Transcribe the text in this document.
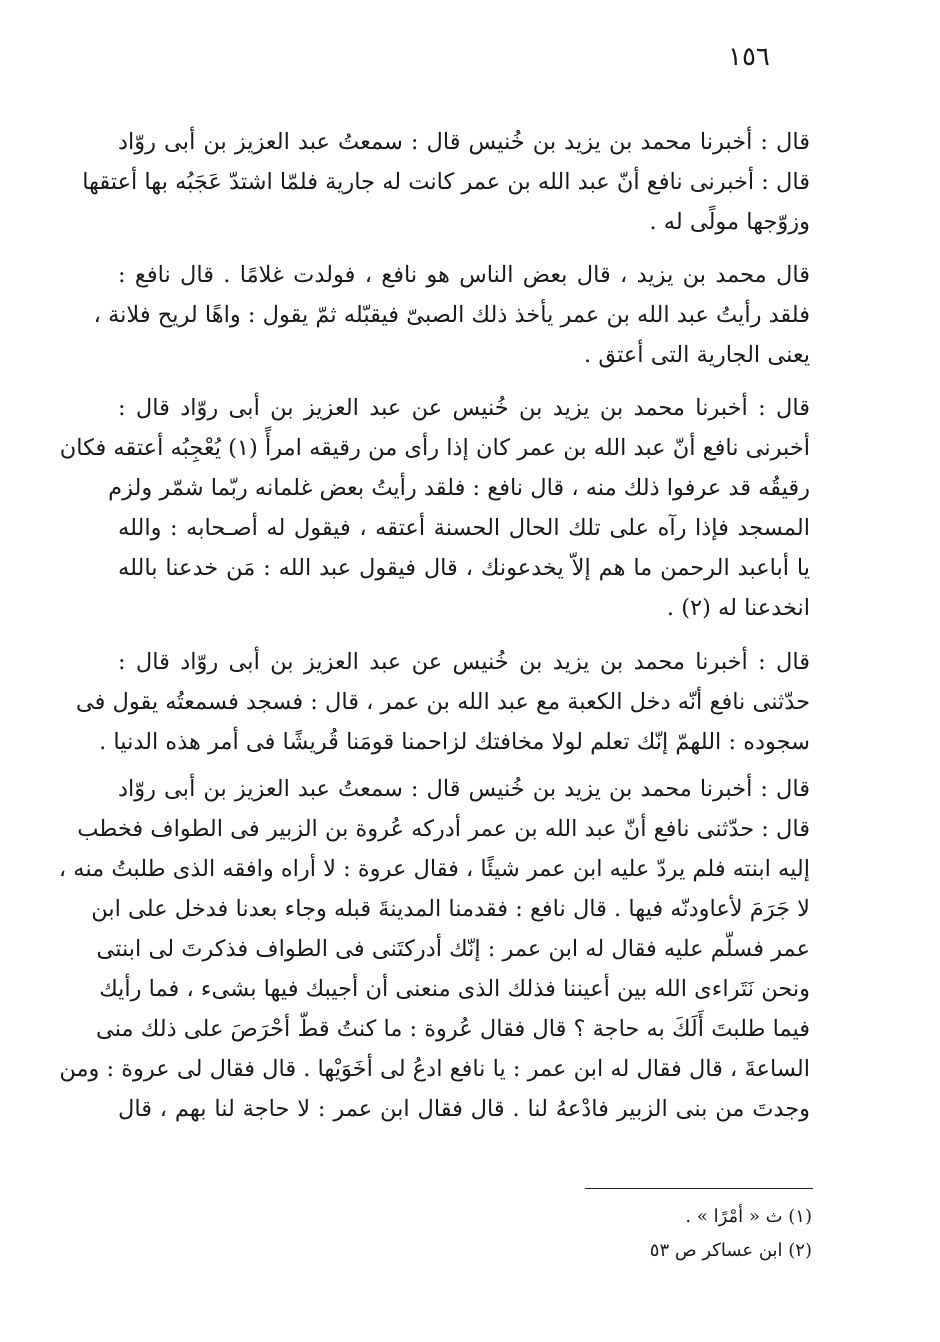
١٥٦
قال : أخبرنا محمد بن يزيد بن خُنيس قال : سمعتُ عبد العزيز بن أبى روّاد
قال : أخبرنى نافع أنّ عبد الله بن عمر كانت له جارية فلمّا اشتدّ عَجَبُه بها أعتقها
وزوّجها مولًى له .
قال محمد بن يزيد ، قال بعض الناس هو نافع ، فولدت غلامًا . قال نافع :
فلقد رأيتُ عبد الله بن عمر يأخذ ذلك الصبىّ فيقبّله ثمّ يقول : واهًا لريح فلانة ،
يعنى الجارية التى أعتق .
قال : أخبرنا محمد بن يزيد بن خُنيس عن عبد العزيز بن أبى روّاد قال :
أخبرنى نافع أنّ عبد الله بن عمر كان إذا رأى من رقيقه امرأً (١) يُعْجِبُه أعتقه فكان
رقيقُه قد عرفوا ذلك منه ، قال نافع : فلقد رأيتُ بعض غلمانه ربّما شمّر ولزم
المسجد فإذا رآه على تلك الحال الحسنة أعتقه ، فيقول له أصـحابه : والله
يا أباعبد الرحمن ما هم إلاّ يخدعونك ، قال فيقول عبد الله : مَن خدعنا بالله
انخدعنا له (٢) .
قال : أخبرنا محمد بن يزيد بن خُنيس عن عبد العزيز بن أبى روّاد قال :
حدّثنى نافع أنّه دخل الكعبة مع عبد الله بن عمر ، قال : فسجد فسمعتُه يقول فى
سجوده : اللهمّ إنّك تعلم لولا مخافتك لزاحمنا قومَنا قُريشًا فى أمر هذه الدنيا .
قال : أخبرنا محمد بن يزيد بن خُنيس قال : سمعتُ عبد العزيز بن أبى روّاد
قال : حدّثنى نافع أنّ عبد الله بن عمر أدركه عُروة بن الزبير فى الطواف فخطب
إليه ابنته فلم يردّ عليه ابن عمر شيئًا ، فقال عروة : لا أراه وافقه الذى طلبتُ منه ،
لا جَرَمَ لأعاودنّه فيها . قال نافع : فقدمنا المدينةَ قبله وجاء بعدنا فدخل على ابن
عمر فسلّم عليه فقال له ابن عمر : إنّك أدركتَنى فى الطواف فذكرتَ لى ابنتى
ونحن نَتَراءى الله بين أعيننا فذلك الذى منعنى أن أجيبك فيها بشىء ، فما رأيك
فيما طلبتَ أَلَكَ به حاجة ؟ قال فقال عُروة : ما كنتُ قطّ أحْرَصَ على ذلك منى
الساعةَ ، قال فقال له ابن عمر : يا نافع ادعُ لى أخَوَيْها . قال فقال لى عروة : ومن
وجدتَ من بنى الزبير فادْعهُ لنا . قال فقال ابن عمر : لا حاجة لنا بهم ، قال
(١) ث « أمْرًا » .
(٢) ابن عساكر ص ٥٣
